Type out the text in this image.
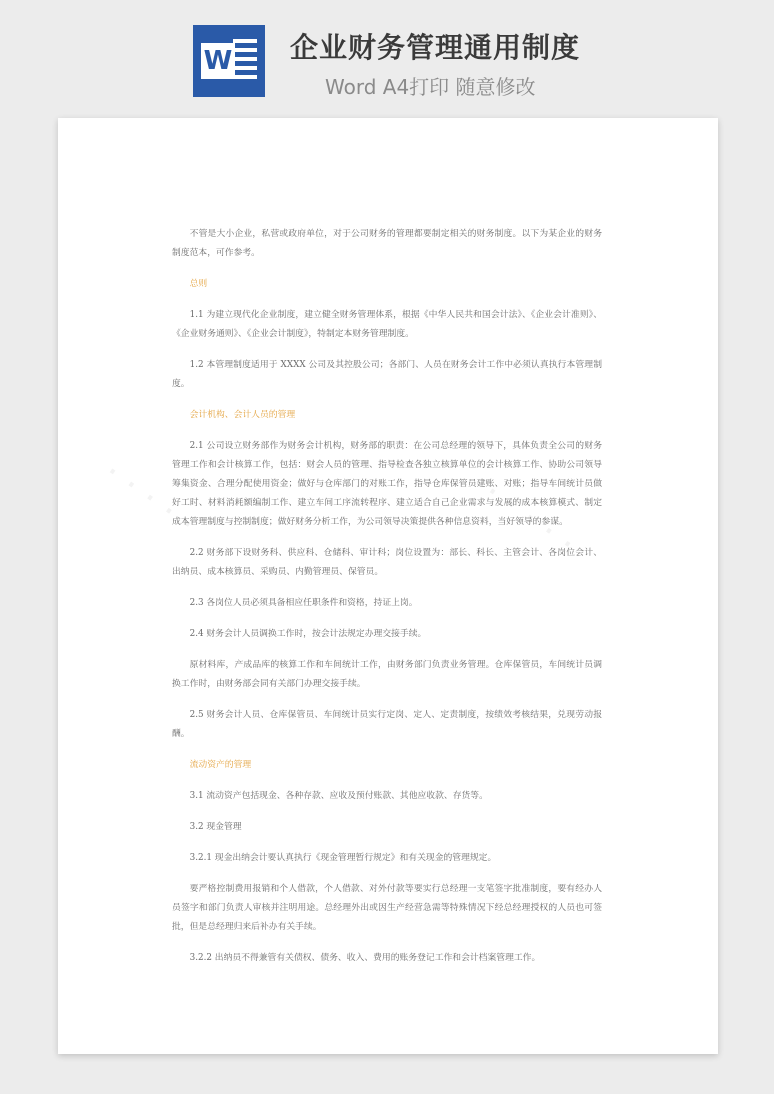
W 企业财务管理通用制度
Word A4打印 随意修改
· · · · ·	· · · · ·

不管是大小企业，私营或政府单位，对于公司财务的管理都要制定相关的财务制度。以下为某企业的财务制度范本，可作参考。

总则

1.1 为建立现代化企业制度，建立健全财务管理体系，根据《中华人民共和国会计法》、《企业会计准则》、《企业财务通则》、《企业会计制度》，特制定本财务管理制度。

1.2 本管理制度适用于 XXXX 公司及其控股公司；各部门、人员在财务会计工作中必须认真执行本管理制度。

会计机构、会计人员的管理

2.1 公司设立财务部作为财务会计机构，财务部的职责：在公司总经理的领导下，具体负责全公司的财务管理工作和会计核算工作，包括：财会人员的管理、指导检查各独立核算单位的会计核算工作、协助公司领导筹集资金、合理分配使用资金；做好与仓库部门的对账工作，指导仓库保管员建账、对账；指导车间统计员做好工时、材料消耗额编制工作、建立车间工序流转程序、建立适合自己企业需求与发展的成本核算模式、制定成本管理制度与控制制度；做好财务分析工作，为公司领导决策提供各种信息资料，当好领导的参谋。

2.2 财务部下设财务科、供应科、仓储科、审计科；岗位设置为：部长、科长、主管会计、各岗位会计、出纳员、成本核算员、采购员、内勤管理员、保管员。

2.3 各岗位人员必须具备相应任职条件和资格，持证上岗。

2.4 财务会计人员调换工作时，按会计法规定办理交接手续。

原材料库，产成品库的核算工作和车间统计工作，由财务部门负责业务管理。仓库保管员，车间统计员调换工作时，由财务部会同有关部门办理交接手续。

2.5 财务会计人员、仓库保管员、车间统计员实行定岗、定人、定责制度，按绩效考核结果，兑现劳动报酬。

流动资产的管理

3.1 流动资产包括现金、各种存款、应收及预付账款、其他应收款、存货等。

3.2 现金管理

3.2.1 现金出纳会计要认真执行《现金管理暂行规定》和有关现金的管理规定。

要严格控制费用报销和个人借款，个人借款、对外付款等要实行总经理一支笔签字批准制度，要有经办人员签字和部门负责人审核并注明用途。总经理外出或因生产经营急需等特殊情况下经总经理授权的人员也可签批，但是总经理归来后补办有关手续。

3.2.2 出纳员不得兼管有关债权、债务、收入、费用的账务登记工作和会计档案管理工作。
